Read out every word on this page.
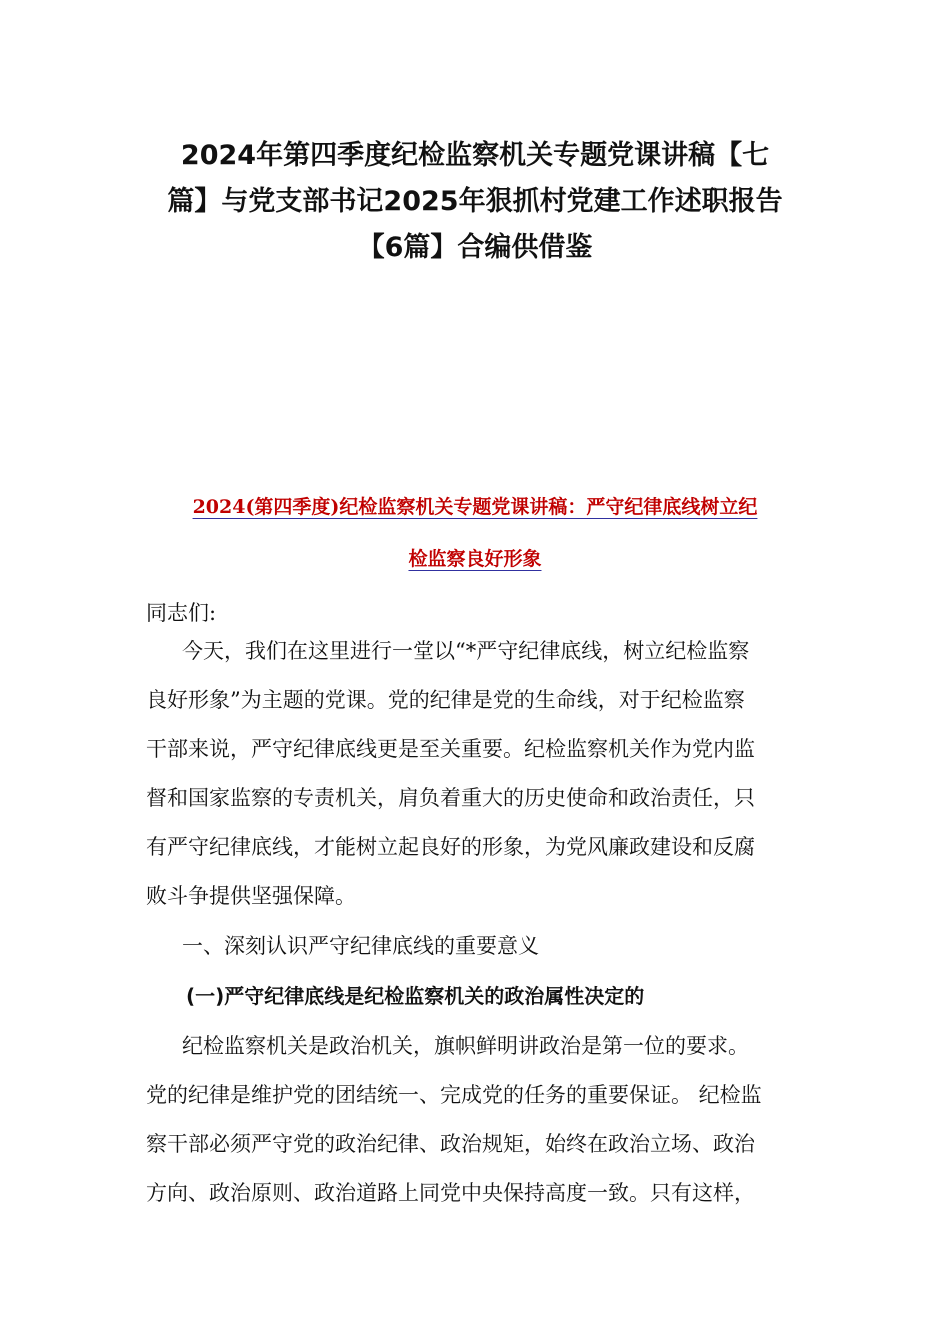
2024年第四季度纪检监察机关专题党课讲稿【七
篇】与党支部书记2025年狠抓村党建工作述职报告
【6篇】合编供借鉴
2024(第四季度)纪检监察机关专题党课讲稿：严守纪律底线树立纪
检监察良好形象

同志们:

今天，我们在这里进行一堂以“*严守纪律底线，树立纪检监察
良好形象”为主题的党课。党的纪律是党的生命线，对于纪检监察
干部来说，严守纪律底线更是至关重要。纪检监察机关作为党内监
督和国家监察的专责机关，肩负着重大的历史使命和政治责任，只
有严守纪律底线，才能树立起良好的形象，为党风廉政建设和反腐
败斗争提供坚强保障。

一、深刻认识严守纪律底线的重要意义

(一)严守纪律底线是纪检监察机关的政治属性决定的

纪检监察机关是政治机关，旗帜鲜明讲政治是第一位的要求。
党的纪律是维护党的团结统一、完成党的任务的重要保证。 纪检监
察干部必须严守党的政治纪律、政治规矩，始终在政治立场、政治
方向、政治原则、政治道路上同党中央保持高度一致。只有这样，
